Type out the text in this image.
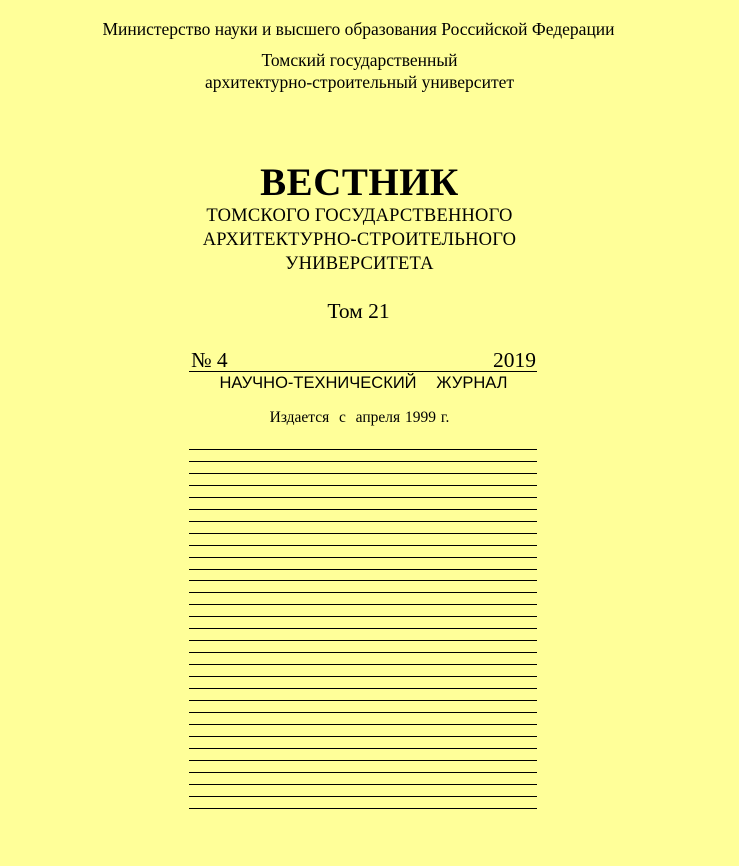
Министерство науки и высшего образования Российской Федерации
Томский государственный
архитектурно-строительный университет
ВЕСТНИК
ТОМСКОГО ГОСУДАРСТВЕННОГО
АРХИТЕКТУРНО-СТРОИТЕЛЬНОГО
УНИВЕРСИТЕТА
Том 21
№ 4	2019
НАУЧНО-ТЕХНИЧЕСКИЙ   ЖУРНАЛ
Издается  с  апреля 1999 г.
